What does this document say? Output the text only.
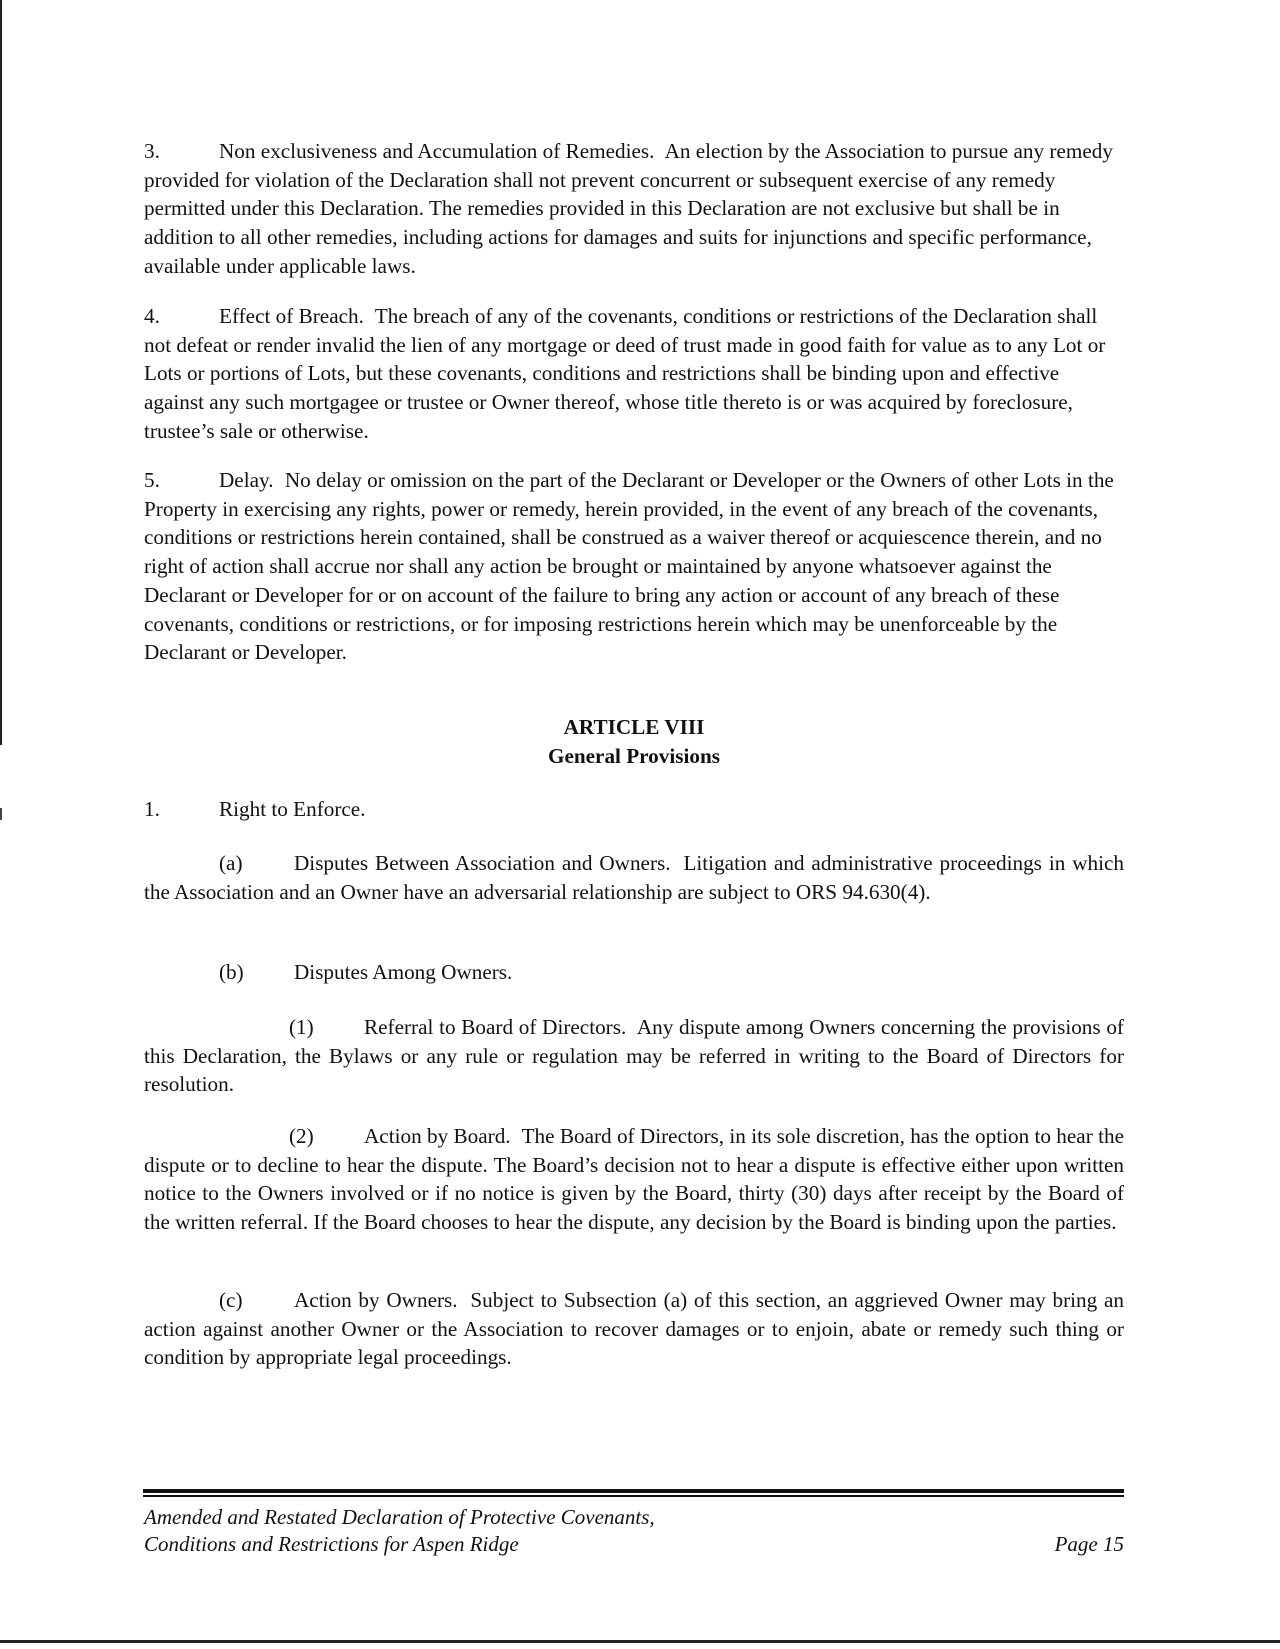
3.	Non exclusiveness and Accumulation of Remedies. An election by the Association to pursue any remedy provided for violation of the Declaration shall not prevent concurrent or subsequent exercise of any remedy permitted under this Declaration. The remedies provided in this Declaration are not exclusive but shall be in addition to all other remedies, including actions for damages and suits for injunctions and specific performance, available under applicable laws.

4.	Effect of Breach. The breach of any of the covenants, conditions or restrictions of the Declaration shall not defeat or render invalid the lien of any mortgage or deed of trust made in good faith for value as to any Lot or Lots or portions of Lots, but these covenants, conditions and restrictions shall be binding upon and effective against any such mortgagee or trustee or Owner thereof, whose title thereto is or was acquired by foreclosure, trustee’s sale or otherwise.

5.	Delay. No delay or omission on the part of the Declarant or Developer or the Owners of other Lots in the Property in exercising any rights, power or remedy, herein provided, in the event of any breach of the covenants, conditions or restrictions herein contained, shall be construed as a waiver thereof or acquiescence therein, and no right of action shall accrue nor shall any action be brought or maintained by anyone whatsoever against the Declarant or Developer for or on account of the failure to bring any action or account of any breach of these covenants, conditions or restrictions, or for imposing restrictions herein which may be unenforceable by the Declarant or Developer.

ARTICLE VIII
General Provisions

1.	Right to Enforce.

(a) Disputes Between Association and Owners. Litigation and administrative proceedings in which the Association and an Owner have an adversarial relationship are subject to ORS 94.630(4).

(b) Disputes Among Owners.

(1) Referral to Board of Directors. Any dispute among Owners concerning the provisions of this Declaration, the Bylaws or any rule or regulation may be referred in writing to the Board of Directors for resolution.

(2) Action by Board. The Board of Directors, in its sole discretion, has the option to hear the dispute or to decline to hear the dispute. The Board’s decision not to hear a dispute is effective either upon written notice to the Owners involved or if no notice is given by the Board, thirty (30) days after receipt by the Board of the written referral. If the Board chooses to hear the dispute, any decision by the Board is binding upon the parties.

(c) Action by Owners. Subject to Subsection (a) of this section, an aggrieved Owner may bring an action against another Owner or the Association to recover damages or to enjoin, abate or remedy such thing or condition by appropriate legal proceedings.

Amended and Restated Declaration of Protective Covenants,
Conditions and Restrictions for Aspen Ridge	Page 15
